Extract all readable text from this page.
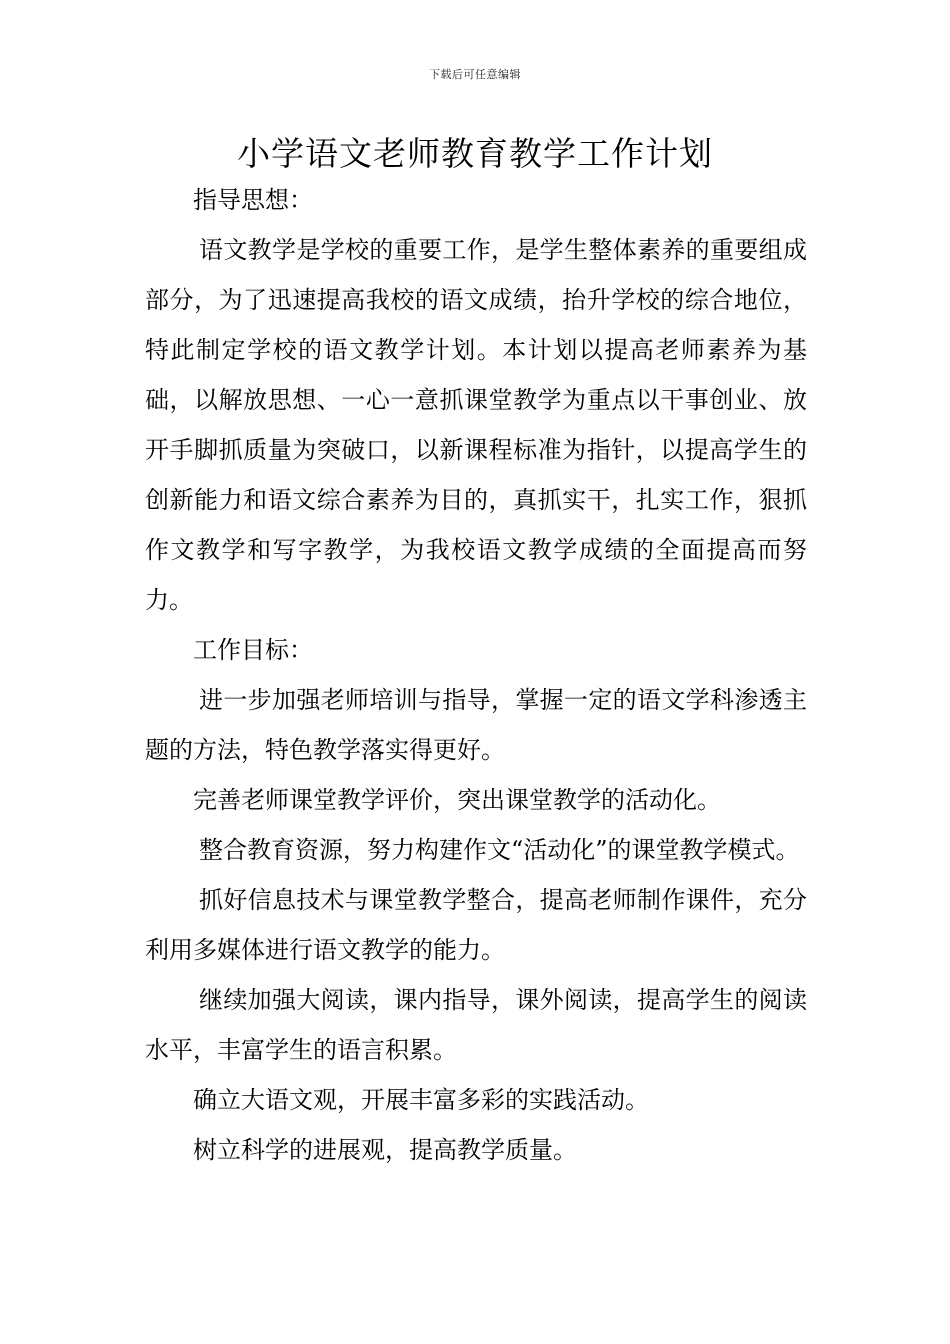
下载后可任意编辑
小学语文老师教育教学工作计划

指导思想：

语文教学是学校的重要工作，是学生整体素养的重要组成部分，为了迅速提高我校的语文成绩，抬升学校的综合地位，特此制定学校的语文教学计划。本计划以提高老师素养为基础，以解放思想、一心一意抓课堂教学为重点以干事创业、放开手脚抓质量为突破口，以新课程标准为指针，以提高学生的创新能力和语文综合素养为目的，真抓实干，扎实工作，狠抓作文教学和写字教学，为我校语文教学成绩的全面提高而努力。

工作目标：

进一步加强老师培训与指导，掌握一定的语文学科渗透主题的方法，特色教学落实得更好。

完善老师课堂教学评价，突出课堂教学的活动化。

整合教育资源，努力构建作文“活动化”的课堂教学模式。

抓好信息技术与课堂教学整合，提高老师制作课件，充分利用多媒体进行语文教学的能力。

继续加强大阅读，课内指导，课外阅读，提高学生的阅读水平，丰富学生的语言积累。

确立大语文观，开展丰富多彩的实践活动。

树立科学的进展观，提高教学质量。
